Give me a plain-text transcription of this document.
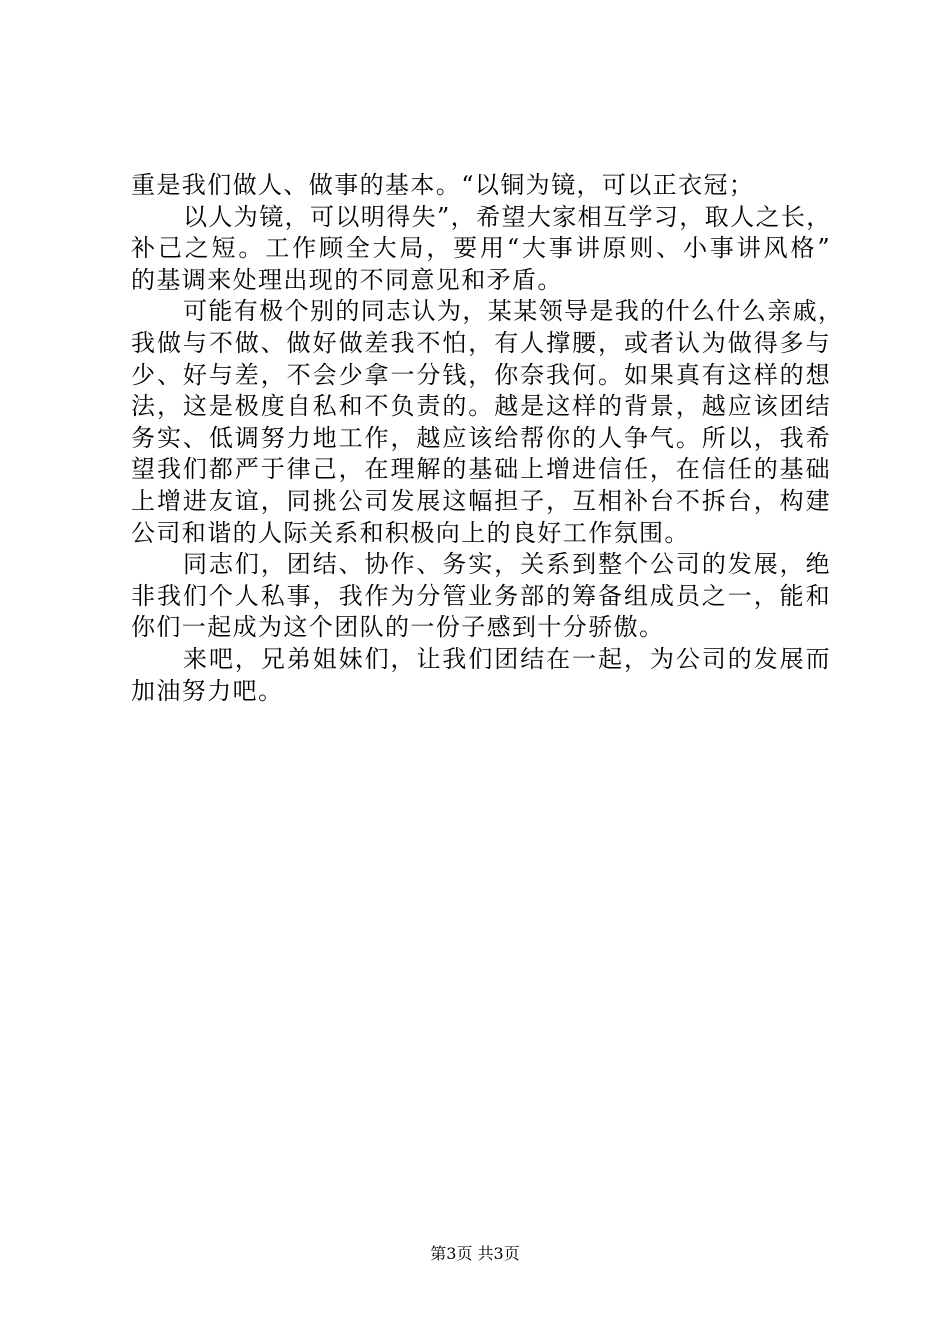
重是我们做人、做事的基本。“以铜为镜，可以正衣冠；
以人为镜，可以明得失”，希望大家相互学习，取人之长，
补己之短。工作顾全大局，要用“大事讲原则、小事讲风格”
的基调来处理出现的不同意见和矛盾。
可能有极个别的同志认为，某某领导是我的什么什么亲戚，
我做与不做、做好做差我不怕，有人撑腰，或者认为做得多与
少、好与差，不会少拿一分钱，你奈我何。如果真有这样的想
法，这是极度自私和不负责的。越是这样的背景，越应该团结
务实、低调努力地工作，越应该给帮你的人争气。所以，我希
望我们都严于律己，在理解的基础上增进信任，在信任的基础
上增进友谊，同挑公司发展这幅担子，互相补台不拆台，构建
公司和谐的人际关系和积极向上的良好工作氛围。
同志们，团结、协作、务实，关系到整个公司的发展，绝
非我们个人私事，我作为分管业务部的筹备组成员之一，能和
你们一起成为这个团队的一份子感到十分骄傲。
来吧，兄弟姐妹们，让我们团结在一起，为公司的发展而
加油努力吧。
第3页 共3页
